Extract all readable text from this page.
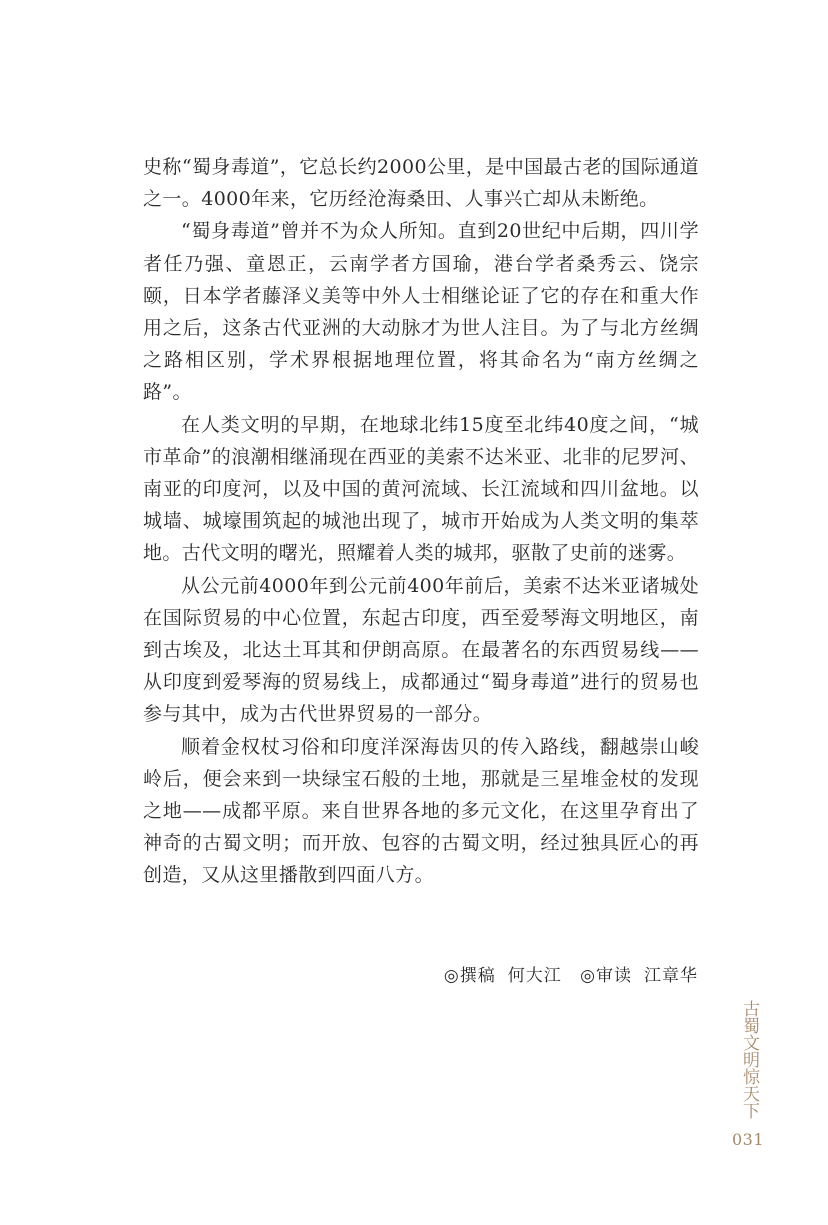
史称“蜀身毒道”，它总长约2000公里，是中国最古老的国际通道之一。4000年来，它历经沧海桑田、人事兴亡却从未断绝。

“蜀身毒道”曾并不为众人所知。直到20世纪中后期，四川学者任乃强、童恩正，云南学者方国瑜，港台学者桑秀云、饶宗颐，日本学者藤泽义美等中外人士相继论证了它的存在和重大作用之后，这条古代亚洲的大动脉才为世人注目。为了与北方丝绸之路相区别，学术界根据地理位置，将其命名为“南方丝绸之路”。

在人类文明的早期，在地球北纬15度至北纬40度之间，“城市革命”的浪潮相继涌现在西亚的美索不达米亚、北非的尼罗河、南亚的印度河，以及中国的黄河流域、长江流域和四川盆地。以城墙、城壕围筑起的城池出现了，城市开始成为人类文明的集萃地。古代文明的曙光，照耀着人类的城邦，驱散了史前的迷雾。

从公元前4000年到公元前400年前后，美索不达米亚诸城处在国际贸易的中心位置，东起古印度，西至爱琴海文明地区，南到古埃及，北达土耳其和伊朗高原。在最著名的东西贸易线——从印度到爱琴海的贸易线上，成都通过“蜀身毒道”进行的贸易也参与其中，成为古代世界贸易的一部分。

顺着金权杖习俗和印度洋深海齿贝的传入路线，翻越崇山峻岭后，便会来到一块绿宝石般的土地，那就是三星堆金杖的发现之地——成都平原。来自世界各地的多元文化，在这里孕育出了神奇的古蜀文明；而开放、包容的古蜀文明，经过独具匠心的再创造，又从这里播散到四面八方。

◎撰稿 何大江 ◎审读 江章华
古蜀文明惊天下
031
